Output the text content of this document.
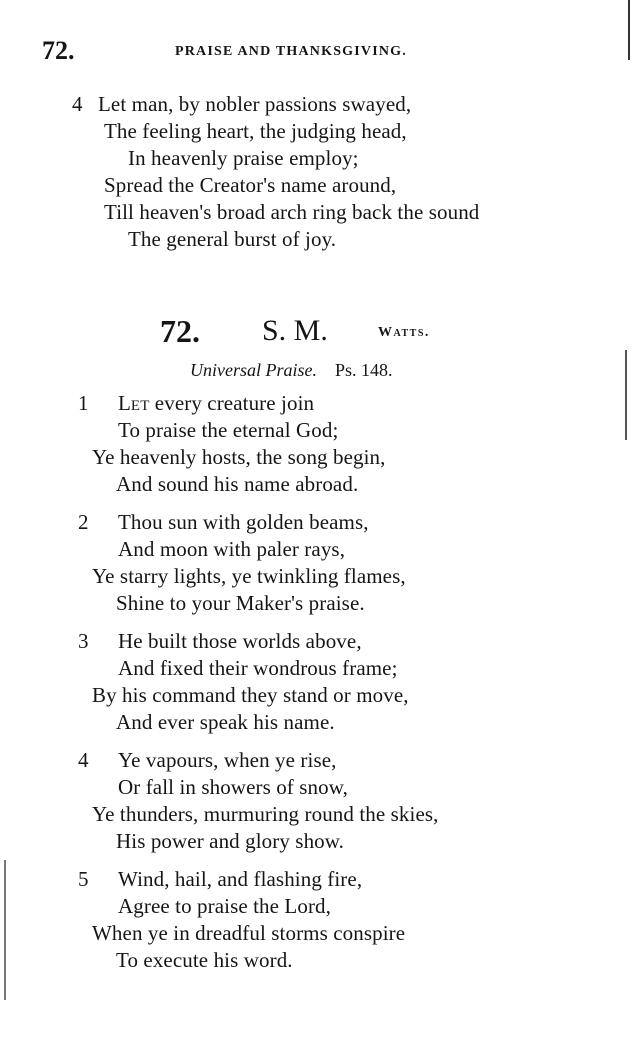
72.	PRAISE AND THANKSGIVING.
4 Let man, by nobler passions swayed,
The feeling heart, the judging head,
In heavenly praise employ;
Spread the Creator's name around,
Till heaven's broad arch ring back the sound
The general burst of joy.
72. S. M.	Watts.
Universal Praise. Ps. 148.
1 Let every creature join
To praise the eternal God;
Ye heavenly hosts, the song begin,
And sound his name abroad.
2 Thou sun with golden beams,
And moon with paler rays,
Ye starry lights, ye twinkling flames,
Shine to your Maker's praise.
3 He built those worlds above,
And fixed their wondrous frame;
By his command they stand or move,
And ever speak his name.
4 Ye vapours, when ye rise,
Or fall in showers of snow,
Ye thunders, murmuring round the skies,
His power and glory show.
5 Wind, hail, and flashing fire,
Agree to praise the Lord,
When ye in dreadful storms conspire
To execute his word.
